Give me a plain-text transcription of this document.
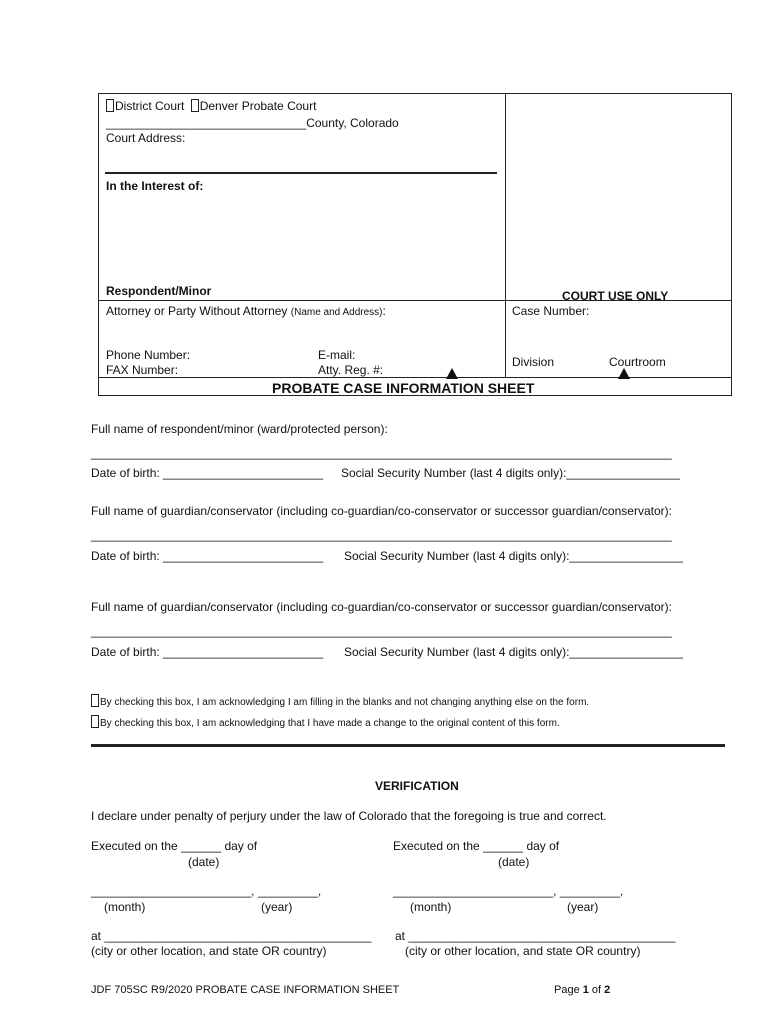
District Court Denver Probate Court
______________________________County, Colorado
Court Address:
In the Interest of:
Respondent/Minor	COURT USE ONLY
Attorney or Party Without Attorney (Name and Address):	Case Number:
Phone Number:	E-mail:
FAX Number:	Atty. Reg. #:
Division	Courtroom
PROBATE CASE INFORMATION SHEET
Full name of respondent/minor (ward/protected person):
_______________________________________________________________________________________
Date of birth: ________________________ Social Security Number (last 4 digits only):_________________
Full name of guardian/conservator (including co-guardian/co-conservator or successor guardian/conservator):
_______________________________________________________________________________________
Date of birth: ________________________ Social Security Number (last 4 digits only):_________________
Full name of guardian/conservator (including co-guardian/co-conservator or successor guardian/conservator):
_______________________________________________________________________________________
Date of birth: ________________________ Social Security Number (last 4 digits only):_________________
By checking this box, I am acknowledging I am filling in the blanks and not changing anything else on the form.
By checking this box, I am acknowledging that I have made a change to the original content of this form.
VERIFICATION
I declare under penalty of perjury under the law of Colorado that the foregoing is true and correct.
Executed on the ______ day of
(date)
Executed on the ______ day of
(date)
________________________, _________,
(month)	(year)
________________________, _________,
(month)	(year)
at ________________________________________
(city or other location, and state OR country)
at ________________________________________
(city or other location, and state OR country)
JDF 705SC R9/2020 PROBATE CASE INFORMATION SHEET	Page 1 of 2
